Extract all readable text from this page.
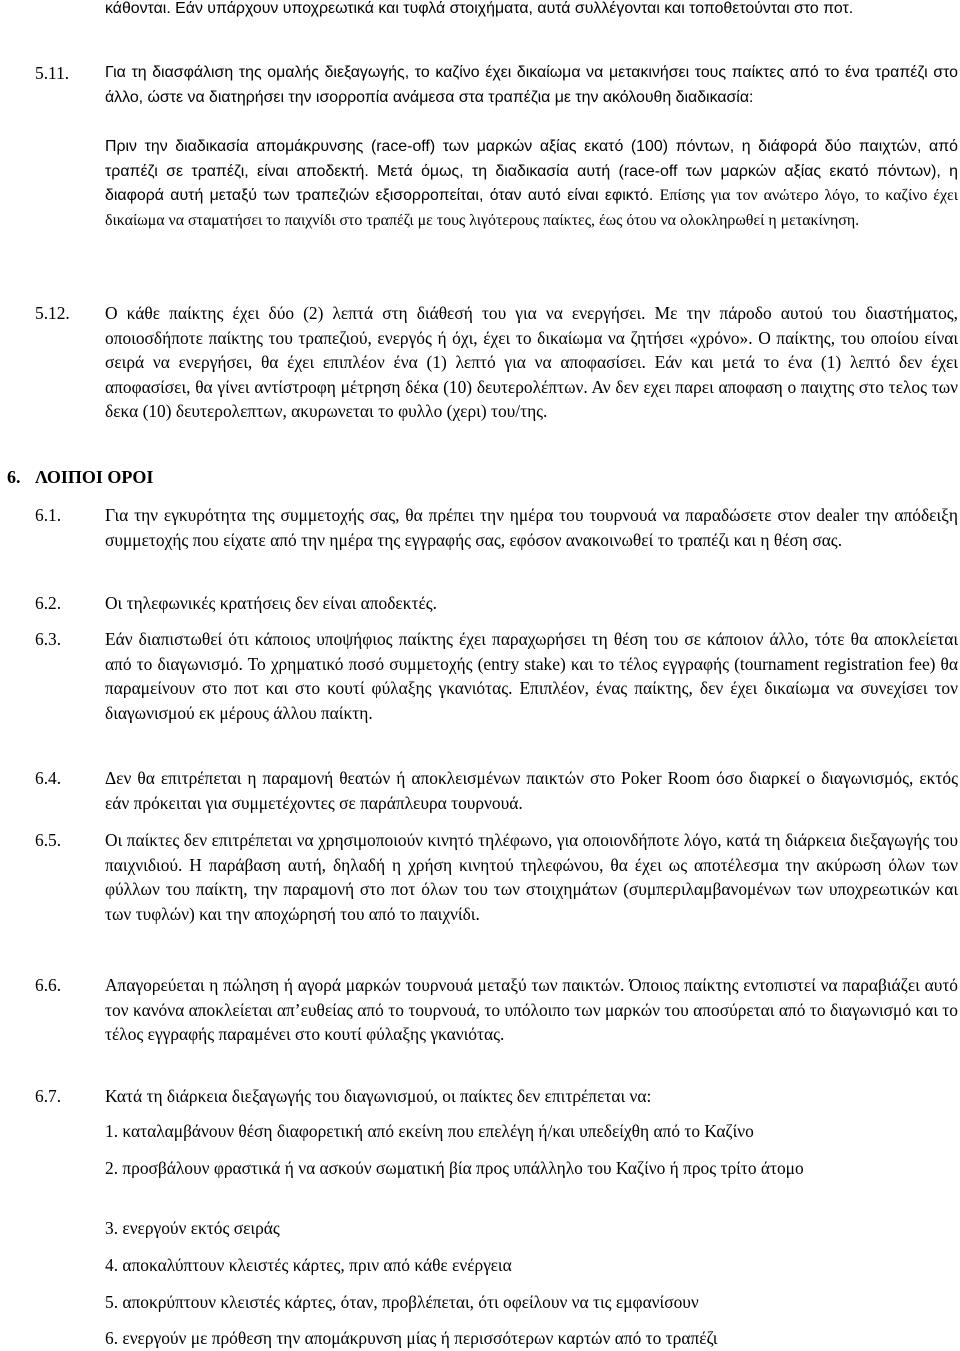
κάθονται. Εάν υπάρχουν υποχρεωτικά και τυφλά στοιχήματα, αυτά συλλέγονται και τοποθετούνται στο ποτ.

5.11. Για τη διασφάλιση της ομαλής διεξαγωγής, το καζίνο έχει δικαίωμα να μετακινήσει τους παίκτες από το ένα τραπέζι στο άλλο, ώστε να διατηρήσει την ισορροπία ανάμεσα στα τραπέζια με την ακόλουθη διαδικασία:

Πριν την διαδικασία απομάκρυνσης (race-off) των μαρκών αξίας εκατό (100) πόντων, η διάφορά δύο παιχτών, από τραπέζι σε τραπέζι, είναι αποδεκτή. Μετά όμως, τη διαδικασία αυτή (race-off των μαρκών αξίας εκατό πόντων), η διαφορά αυτή μεταξύ των τραπεζιών εξισορροπείται, όταν αυτό είναι εφικτό. Επίσης για τον ανώτερο λόγο, το καζίνο έχει δικαίωμα να σταματήσει το παιχνίδι στο τραπέζι με τους λιγότερους παίκτες, έως ότου να ολοκληρωθεί η μετακίνηση.

5.12. Ο κάθε παίκτης έχει δύο (2) λεπτά στη διάθεσή του για να ενεργήσει. Με την πάροδο αυτού του διαστήματος, οποιοσδήποτε παίκτης του τραπεζιού, ενεργός ή όχι, έχει το δικαίωμα να ζητήσει «χρόνο». Ο παίκτης, του οποίου είναι σειρά να ενεργήσει, θα έχει επιπλέον ένα (1) λεπτό για να αποφασίσει. Εάν και μετά το ένα (1) λεπτό δεν έχει αποφασίσει, θα γίνει αντίστροφη μέτρηση δέκα (10) δευτερολέπτων. Αν δεν εχει παρει αποφαση ο παιχτης στο τελος των δεκα (10) δευτερολεπτων, ακυρωνεται το φυλλο (χερι) του/της.

6. ΛΟΙΠΟΙ ΟΡΟΙ
6.1.	Για την εγκυρότητα της συμμετοχής σας, θα πρέπει την ημέρα του τουρνουά να παραδώσετε στον dealer την απόδειξη συμμετοχής που είχατε από την ημέρα της εγγραφής σας, εφόσον ανακοινωθεί το τραπέζι και η θέση σας.

6.2.	Οι τηλεφωνικές κρατήσεις δεν είναι αποδεκτές.

6.3.	Εάν διαπιστωθεί ότι κάποιος υποψήφιος παίκτης έχει παραχωρήσει τη θέση του σε κάποιον άλλο, τότε θα αποκλείεται από το διαγωνισμό. Το χρηματικό ποσό συμμετοχής (entry stake) και το τέλος εγγραφής (tournament registration fee) θα παραμείνουν στο ποτ και στο κουτί φύλαξης γκανιότας. Επιπλέον, ένας παίκτης, δεν έχει δικαίωμα να συνεχίσει τον διαγωνισμού εκ μέρους άλλου παίκτη.

6.4.	Δεν θα επιτρέπεται η παραμονή θεατών ή αποκλεισμένων παικτών στο Poker Room όσο διαρκεί ο διαγωνισμός, εκτός εάν πρόκειται για συμμετέχοντες σε παράπλευρα τουρνουά.

6.5.	Οι παίκτες δεν επιτρέπεται να χρησιμοποιούν κινητό τηλέφωνο, για οποιονδήποτε λόγο, κατά τη διάρκεια διεξαγωγής του παιχνιδιού. Η παράβαση αυτή, δηλαδή η χρήση κινητού τηλεφώνου, θα έχει ως αποτέλεσμα την ακύρωση όλων των φύλλων του παίκτη, την παραμονή στο ποτ όλων του των στοιχημάτων (συμπεριλαμβανομένων των υποχρεωτικών και των τυφλών) και την αποχώρησή του από το παιχνίδι.

6.6.	Απαγορεύεται η πώληση ή αγορά μαρκών τουρνουά μεταξύ των παικτών. Όποιος παίκτης εντοπιστεί να παραβιάζει αυτό τον κανόνα αποκλείεται απ’ευθείας από το τουρνουά, το υπόλοιπο των μαρκών του αποσύρεται από το διαγωνισμό και το τέλος εγγραφής παραμένει στο κουτί φύλαξης γκανιότας.

6.7.	Κατά τη διάρκεια διεξαγωγής του διαγωνισμού, οι παίκτες δεν επιτρέπεται να:

1. καταλαμβάνουν θέση διαφορετική από εκείνη που επελέγη ή/και υπεδείχθη από το Καζίνο

2. προσβάλουν φραστικά ή να ασκούν σωματική βία προς υπάλληλο του Καζίνο ή προς τρίτο άτομο

3. ενεργούν εκτός σειράς

4. αποκαλύπτουν κλειστές κάρτες, πριν από κάθε ενέργεια

5. αποκρύπτουν κλειστές κάρτες, όταν, προβλέπεται, ότι οφείλουν να τις εμφανίσουν

6. ενεργούν με πρόθεση την απομάκρυνση μίας ή περισσότερων καρτών από το τραπέζι
